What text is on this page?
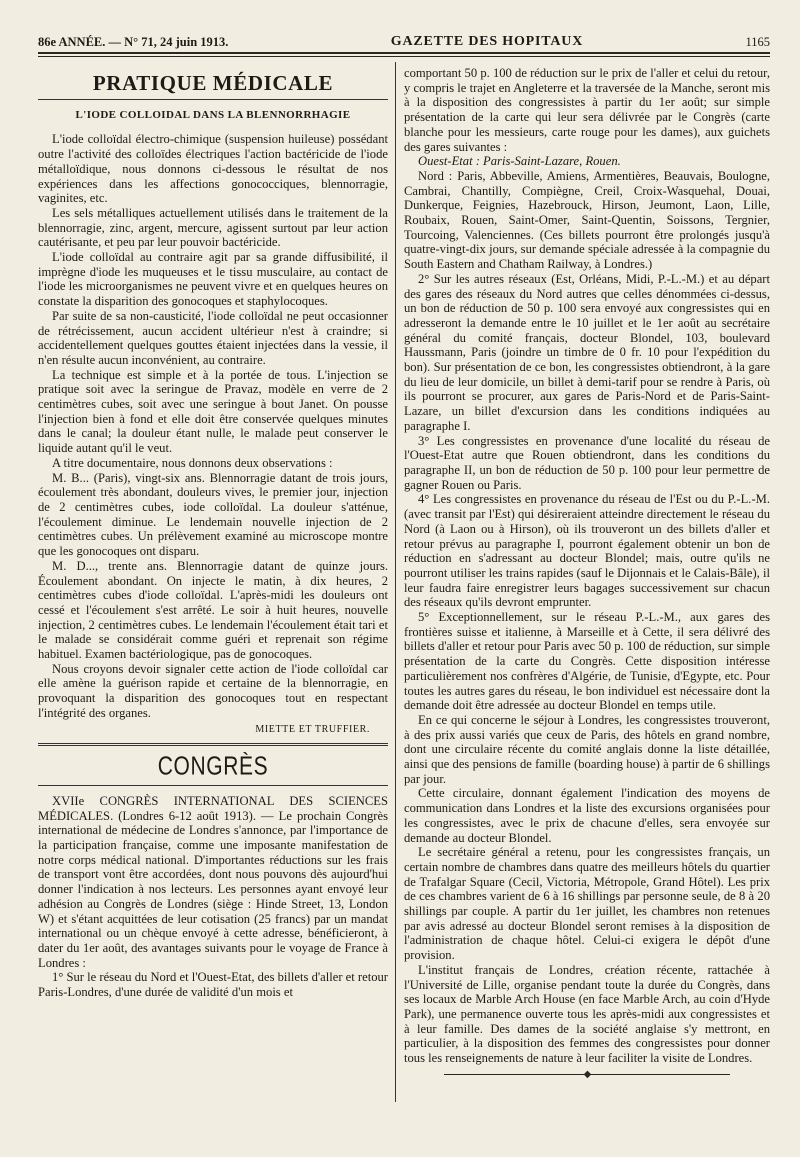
86e ANNÉE. — N° 71, 24 juin 1913.	GAZETTE DES HOPITAUX	1165
PRATIQUE MÉDICALE
L'IODE COLLOIDAL DANS LA BLENNORRHAGIE

L'iode colloïdal électro-chimique (suspension huileuse) possédant outre l'activité des colloïdes électriques l'action bactéricide de l'iode métalloïdique, nous donnons ci-dessous le résultat de nos expériences dans les affections gonococciques, blennorragie, vaginites, etc.

Les sels métalliques actuellement utilisés dans le traitement de la blennorragie, zinc, argent, mercure, agissent surtout par leur action cautérisante, et peu par leur pouvoir bactéricide.

L'iode colloïdal au contraire agit par sa grande diffusibilité, il imprègne d'iode les muqueuses et le tissu musculaire, au contact de l'iode les microorganismes ne peuvent vivre et en quelques heures on constate la disparition des gonocoques et staphylocoques.

Par suite de sa non-causticité, l'iode colloïdal ne peut occasionner de rétrécissement, aucun accident ultérieur n'est à craindre; si accidentellement quelques gouttes étaient injectées dans la vessie, il n'en résulte aucun inconvénient, au contraire.

La technique est simple et à la portée de tous. L'injection se pratique soit avec la seringue de Pravaz, modèle en verre de 2 centimètres cubes, soit avec une seringue à bout Janet. On pousse l'injection bien à fond et elle doit être conservée quelques minutes dans le canal; la douleur étant nulle, le malade peut conserver le liquide autant qu'il le veut.

A titre documentaire, nous donnons deux observations :

M. B... (Paris), vingt-six ans. Blennorragie datant de trois jours, écoulement très abondant, douleurs vives, le premier jour, injection de 2 centimètres cubes, iode colloïdal. La douleur s'atténue, l'écoulement diminue. Le lendemain nouvelle injection de 2 centimètres cubes. Un prélèvement examiné au microscope montre que les gonocoques ont disparu.

M. D..., trente ans. Blennorragie datant de quinze jours. Écoulement abondant. On injecte le matin, à dix heures, 2 centimètres cubes d'iode colloïdal. L'après-midi les douleurs ont cessé et l'écoulement s'est arrêté. Le soir à huit heures, nouvelle injection, 2 centimètres cubes. Le lendemain l'écoulement était tari et le malade se considérait comme guéri et reprenait son régime habituel. Examen bactériologique, pas de gonocoques.

Nous croyons devoir signaler cette action de l'iode colloïdal car elle amène la guérison rapide et certaine de la blennorragie, en provoquant la disparition des gonocoques tout en respectant l'intégrité des organes.

MIETTE ET TRUFFIER.
CONGRÈS

XVIIe CONGRÈS INTERNATIONAL DES SCIENCES MÉDICALES. (Londres 6-12 août 1913). — Le prochain Congrès international de médecine de Londres s'annonce, par l'importance de la participation française, comme une imposante manifestation de notre corps médical national. D'importantes réductions sur les frais de transport vont être accordées, dont nous pouvons dès aujourd'hui donner l'indication à nos lecteurs. Les personnes ayant envoyé leur adhésion au Congrès de Londres (siège : Hinde Street, 13, London W) et s'étant acquittées de leur cotisation (25 francs) par un mandat international ou un chèque envoyé à cette adresse, bénéficieront, à dater du 1er août, des avantages suivants pour le voyage de France à Londres :

1° Sur le réseau du Nord et l'Ouest-Etat, des billets d'aller et retour Paris-Londres, d'une durée de validité d'un mois et

comportant 50 p. 100 de réduction sur le prix de l'aller et celui du retour, y compris le trajet en Angleterre et la traversée de la Manche, seront mis à la disposition des congressistes à partir du 1er août; sur simple présentation de la carte qui leur sera délivrée par le Congrès (carte blanche pour les messieurs, carte rouge pour les dames), aux guichets des gares suivantes :

Ouest-Etat : Paris-Saint-Lazare, Rouen.

Nord : Paris, Abbeville, Amiens, Armentières, Beauvais, Boulogne, Cambrai, Chantilly, Compiègne, Creil, Croix-Wasquehal, Douai, Dunkerque, Feignies, Hazebrouck, Hirson, Jeumont, Laon, Lille, Roubaix, Rouen, Saint-Omer, Saint-Quentin, Soissons, Tergnier, Tourcoing, Valenciennes. (Ces billets pourront être prolongés jusqu'à quatre-vingt-dix jours, sur demande spéciale adressée à la compagnie du South Eastern and Chatham Railway, à Londres.)

2° Sur les autres réseaux (Est, Orléans, Midi, P.-L.-M.) et au départ des gares des réseaux du Nord autres que celles dénommées ci-dessus, un bon de réduction de 50 p. 100 sera envoyé aux congressistes qui en adresseront la demande entre le 10 juillet et le 1er août au secrétaire général du comité français, docteur Blondel, 103, boulevard Haussmann, Paris (joindre un timbre de 0 fr. 10 pour l'expédition du bon). Sur présentation de ce bon, les congressistes obtiendront, à la gare du lieu de leur domicile, un billet à demi-tarif pour se rendre à Paris, où ils pourront se procurer, aux gares de Paris-Nord et de Paris-Saint-Lazare, un billet d'excursion dans les conditions indiquées au paragraphe I.

3° Les congressistes en provenance d'une localité du réseau de l'Ouest-Etat autre que Rouen obtiendront, dans les conditions du paragraphe II, un bon de réduction de 50 p. 100 pour leur permettre de gagner Rouen ou Paris.

4° Les congressistes en provenance du réseau de l'Est ou du P.-L.-M. (avec transit par l'Est) qui désireraient atteindre directement le réseau du Nord (à Laon ou à Hirson), où ils trouveront un des billets d'aller et retour prévus au paragraphe I, pourront également obtenir un bon de réduction en s'adressant au docteur Blondel; mais, outre qu'ils ne pourront utiliser les trains rapides (sauf le Dijonnais et le Calais-Bâle), il leur faudra faire enregistrer leurs bagages successivement sur chacun des réseaux qu'ils devront emprunter.

5° Exceptionnellement, sur le réseau P.-L.-M., aux gares des frontières suisse et italienne, à Marseille et à Cette, il sera délivré des billets d'aller et retour pour Paris avec 50 p. 100 de réduction, sur simple présentation de la carte du Congrès. Cette disposition intéresse particulièrement nos confrères d'Algérie, de Tunisie, d'Egypte, etc. Pour toutes les autres gares du réseau, le bon individuel est nécessaire dont la demande doit être adressée au docteur Blondel en temps utile.

En ce qui concerne le séjour à Londres, les congressistes trouveront, à des prix aussi variés que ceux de Paris, des hôtels en grand nombre, dont une circulaire récente du comité anglais donne la liste détaillée, ainsi que des pensions de famille (boarding house) à partir de 6 shillings par jour.

Cette circulaire, donnant également l'indication des moyens de communication dans Londres et la liste des excursions organisées pour les congressistes, avec le prix de chacune d'elles, sera envoyée sur demande au docteur Blondel.

Le secrétaire général a retenu, pour les congressistes français, un certain nombre de chambres dans quatre des meilleurs hôtels du quartier de Trafalgar Square (Cecil, Victoria, Métropole, Grand Hôtel). Les prix de ces chambres varient de 6 à 16 shillings par personne seule, de 8 à 20 shillings par couple. A partir du 1er juillet, les chambres non retenues par avis adressé au docteur Blondel seront remises à la disposition de l'administration de chaque hôtel. Celui-ci exigera le dépôt d'une provision.

L'institut français de Londres, création récente, rattachée à l'Université de Lille, organise pendant toute la durée du Congrès, dans ses locaux de Marble Arch House (en face Marble Arch, au coin d'Hyde Park), une permanence ouverte tous les après-midi aux congressistes et à leur famille. Des dames de la société anglaise s'y mettront, en particulier, à la disposition des femmes des congressistes pour donner tous les renseignements de nature à leur faciliter la visite de Londres.

◆
